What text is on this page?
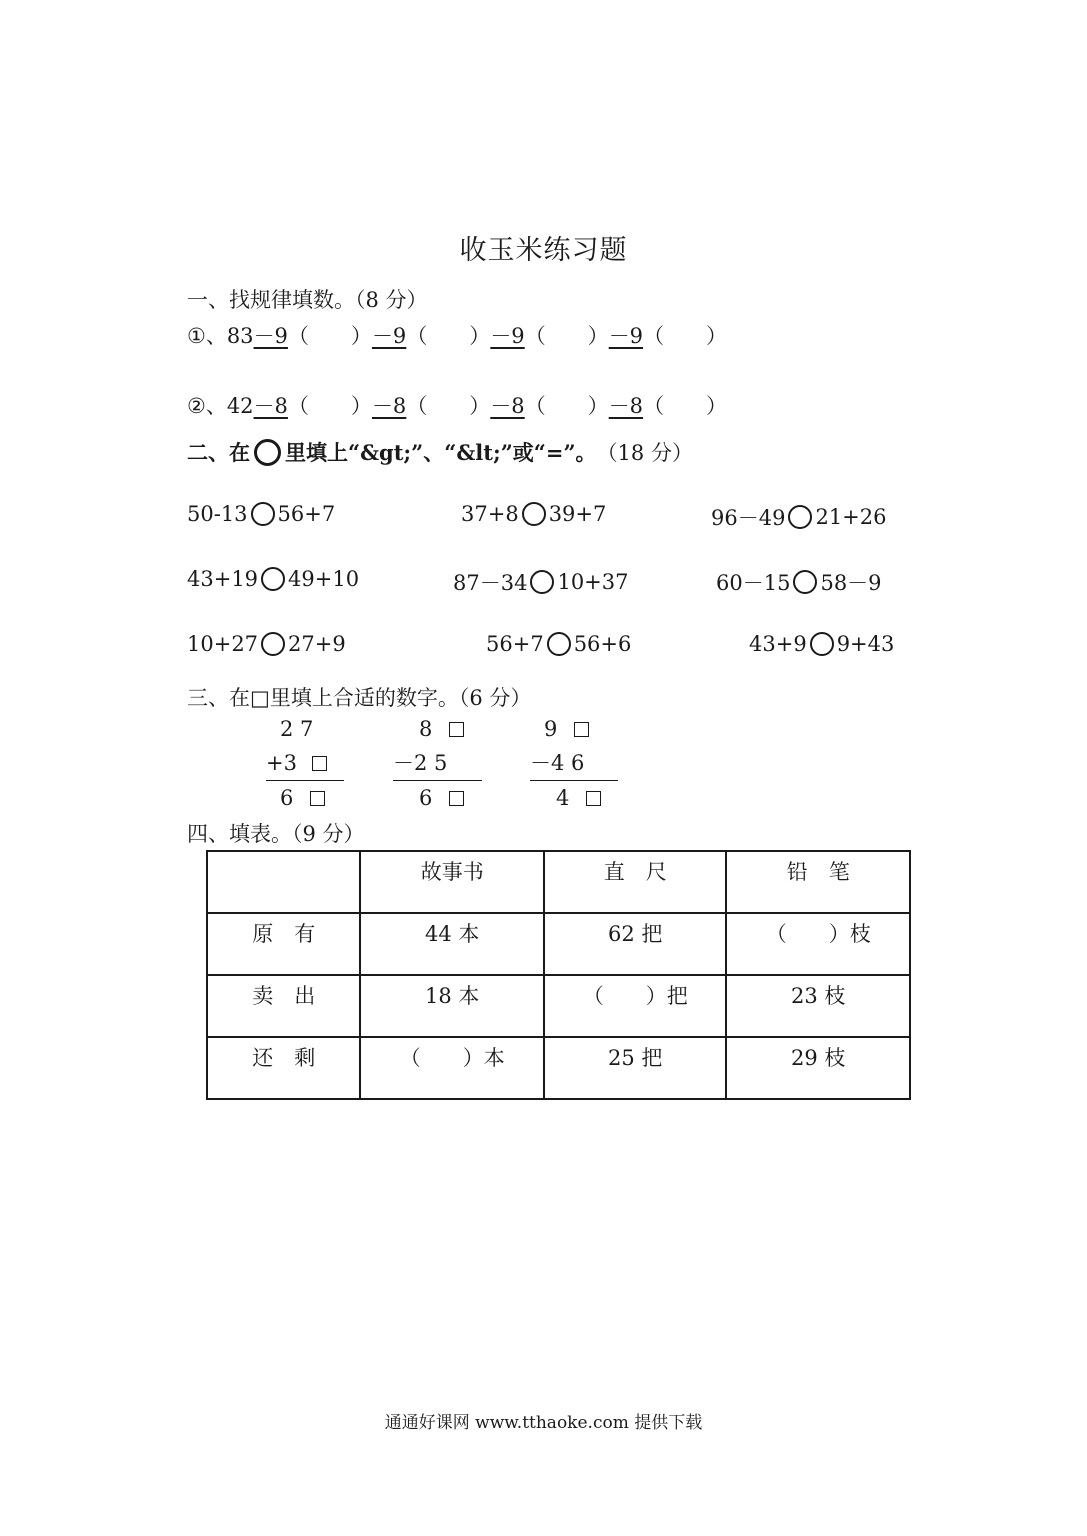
收玉米练习题
一、找规律填数。（8 分）
①、83－9（　　）－9（　　）－9（　　）－9（　　）
②、42－8（　　）－8（　　）－8（　　）－8（　　）
二、在 里填上“&gt;”、“&lt;”或“=”。 （18 分）
50-13 56+7	37+8 39+7	96－49 21+26
43+19 49+10	87－34 10+37	60－15 58－9
10+27 27+9	56+7 56+6	43+9 9+43
三、在□里填上合适的数字。（6 分）
2 7
+3
6
8
－2 5
6
9
－4 6
4
四、填表。（9 分）
	故事书	直　尺	铅　笔
原　有	44 本	62 把	（　　）枝
卖　出	18 本	（　　）把	23 枝
还　剩	（　　）本	25 把	29 枝
通通好课网 www.tthaoke.com 提供下载
